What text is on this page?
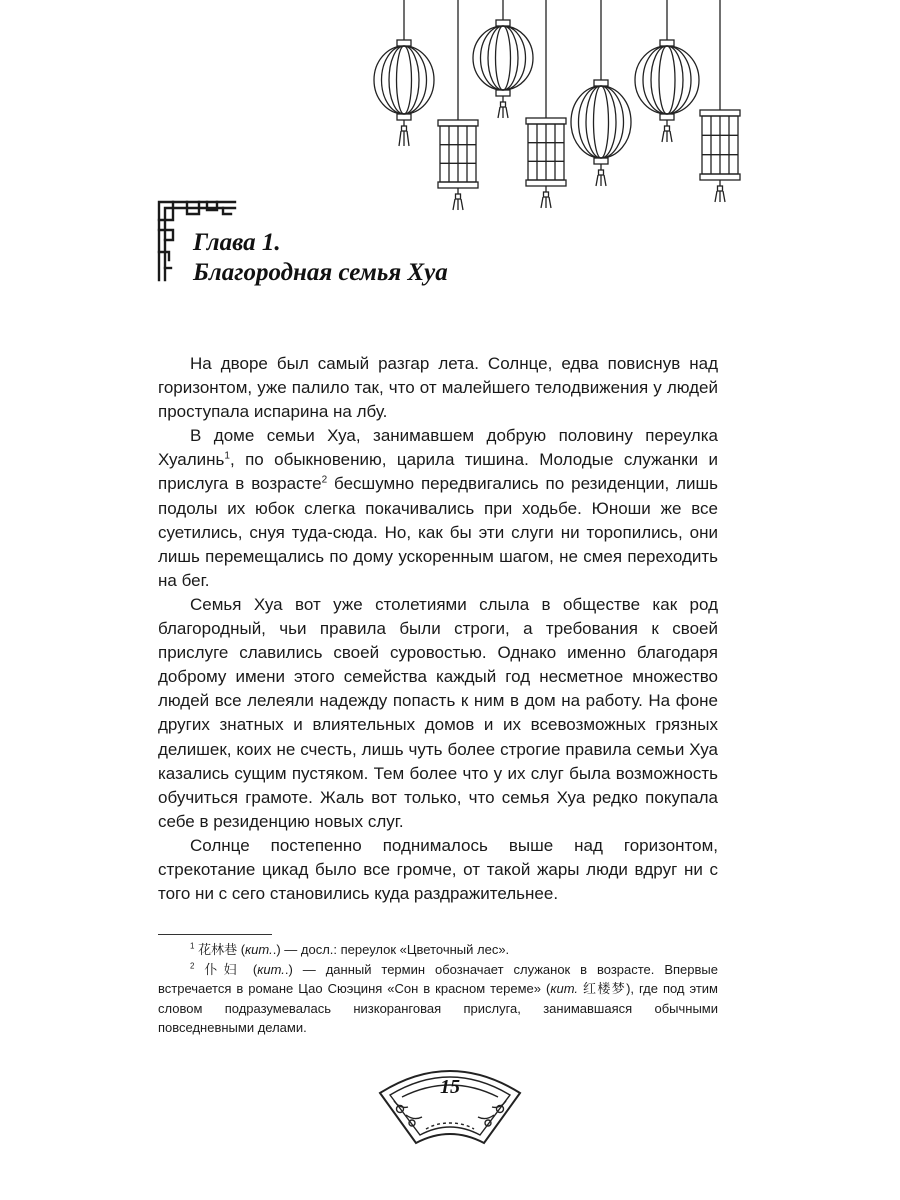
Глава 1.
Благородная семья Хуа

На дворе был самый разгар лета. Солнце, едва повиснув над горизонтом, уже палило так, что от малейшего телодвижения у людей проступала испарина на лбу.

В доме семьи Хуа, занимавшем добрую половину переулка Хуалинь$^1$, по обыкновению, царила тишина. Молодые служанки и прислуга в возрасте$^2$ бесшумно передвигались по резиденции, лишь подолы их юбок слегка покачивались при ходьбе. Юноши же все суетились, снуя туда-сюда. Но, как бы эти слуги ни торопились, они лишь перемещались по дому ускоренным шагом, не смея переходить на бег.

Семья Хуа вот уже столетиями слыла в обществе как род благородный, чьи правила были строги, а требования к своей прислуге славились своей суровостью. Однако именно благодаря доброму имени этого семейства каждый год несметное множество людей все лелеяли надежду попасть к ним в дом на работу. На фоне других знатных и влиятельных домов и их всевозможных грязных делишек, коих не счесть, лишь чуть более строгие правила семьи Хуа казались сущим пустяком. Тем более что у их слуг была возможность обучиться грамоте. Жаль вот только, что семья Хуа редко покупала себе в резиденцию новых слуг.

Солнце постепенно поднималось выше над горизонтом, стрекотание цикад было все громче, от такой жары люди вдруг ни с того ни с сего становились куда раздражительнее.

$^1$ 花林巷 (кит..) — досл.: переулок «Цветочный лес».

$^2$ 仆妇 (кит..) — данный термин обозначает служанок в возрасте. Впервые встречается в романе Цао Сюэциня «Сон в красном тереме» (кит. 红楼梦), где под этим словом подразумевалась низкоранговая прислуга, занимавшаяся обычными повседневными делами.

15
